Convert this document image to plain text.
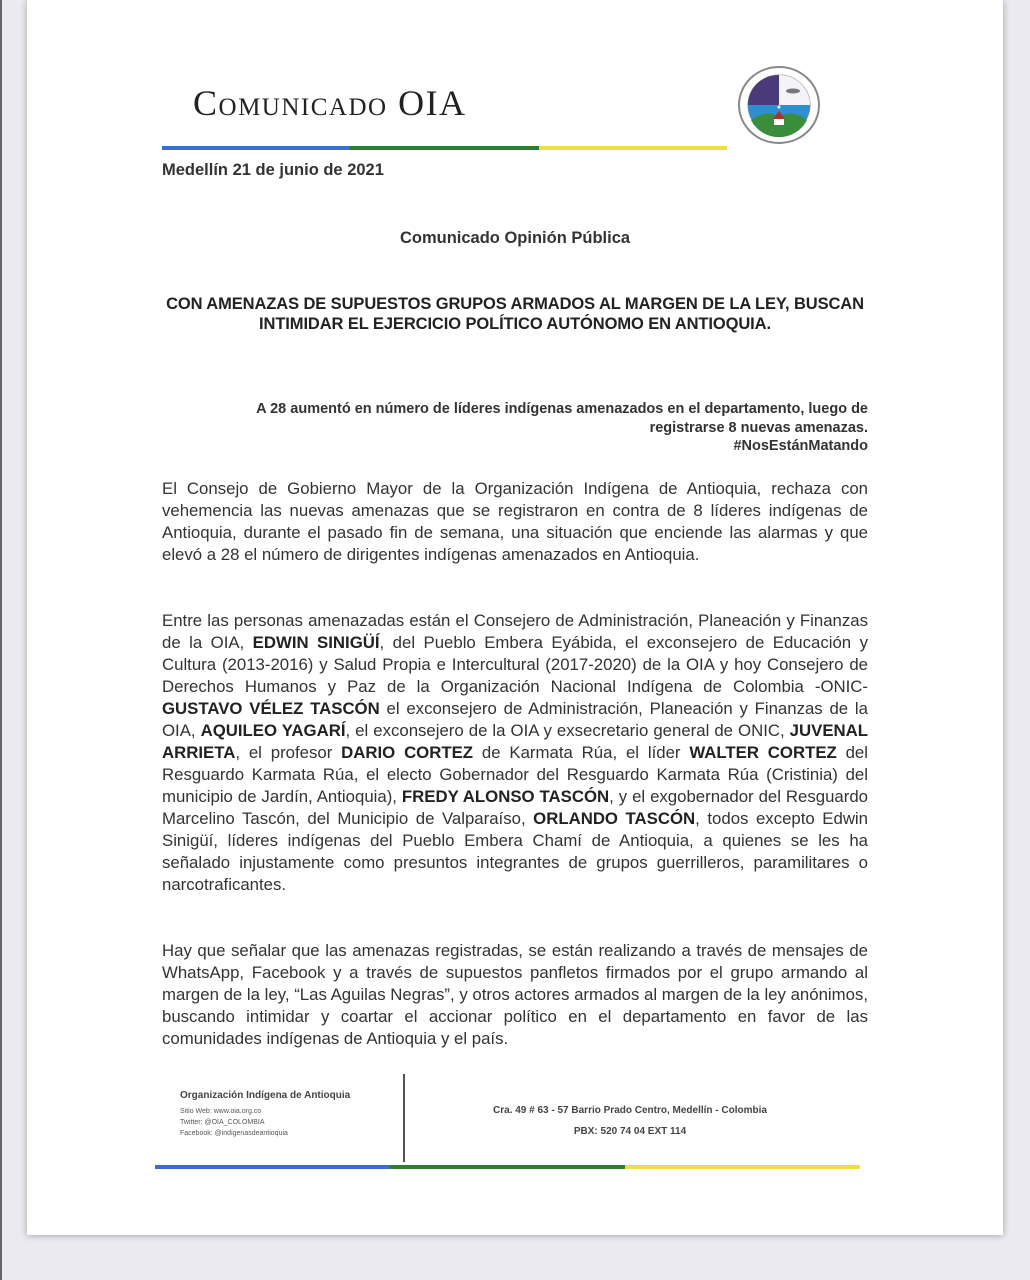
Comunicado OIA
Medellín 21 de junio de 2021
Comunicado Opinión Pública
CON AMENAZAS DE SUPUESTOS GRUPOS ARMADOS AL MARGEN DE LA LEY, BUSCAN INTIMIDAR EL EJERCICIO POLÍTICO AUTÓNOMO EN ANTIOQUIA.
A 28 aumentó en número de líderes indígenas amenazados en el departamento, luego de
registrarse 8 nuevas amenazas.
#NosEstánMatando
El Consejo de Gobierno Mayor de la Organización Indígena de Antioquia, rechaza con vehemencia las nuevas amenazas que se registraron en contra de 8 líderes indígenas de Antioquia, durante el pasado fin de semana, una situación que enciende las alarmas y que elevó a 28 el número de dirigentes indígenas amenazados en Antioquia.
Entre las personas amenazadas están el Consejero de Administración, Planeación y Finanzas de la OIA, EDWIN SINIGÜÍ, del Pueblo Embera Eyábida, el exconsejero de Educación y Cultura (2013-2016) y Salud Propia e Intercultural (2017-2020) de la OIA y hoy Consejero de Derechos Humanos y Paz de la Organización Nacional Indígena de Colombia -ONIC- GUSTAVO VÉLEZ TASCÓN el exconsejero de Administración, Planeación y Finanzas de la OIA, AQUILEO YAGARÍ, el exconsejero de la OIA y exsecretario general de ONIC, JUVENAL ARRIETA, el profesor DARIO CORTEZ de Karmata Rúa, el líder WALTER CORTEZ del Resguardo Karmata Rúa, el electo Gobernador del Resguardo Karmata Rúa (Cristinia) del municipio de Jardín, Antioquia), FREDY ALONSO TASCÓN, y el exgobernador del Resguardo Marcelino Tascón, del Municipio de Valparaíso, ORLANDO TASCÓN, todos excepto Edwin Sinigüí, líderes indígenas del Pueblo Embera Chamí de Antioquia, a quienes se les ha señalado injustamente como presuntos integrantes de grupos guerrilleros, paramilitares o narcotraficantes.
Hay que señalar que las amenazas registradas, se están realizando a través de mensajes de WhatsApp, Facebook y a través de supuestos panfletos firmados por el grupo armando al margen de la ley, “Las Aguilas Negras”, y otros actores armados al margen de la ley anónimos, buscando intimidar y coartar el accionar político en el departamento en favor de las comunidades indígenas de Antioquia y el país.
Organización Indígena de Antioquia
Sitio Web: www.oia.org.co
Twitter: @OIA_COLOMBIA
Facebook: @indigenasdeantioquia
Cra. 49 # 63 - 57 Barrio Prado Centro, Medellín - Colombia
PBX: 520 74 04 EXT 114
